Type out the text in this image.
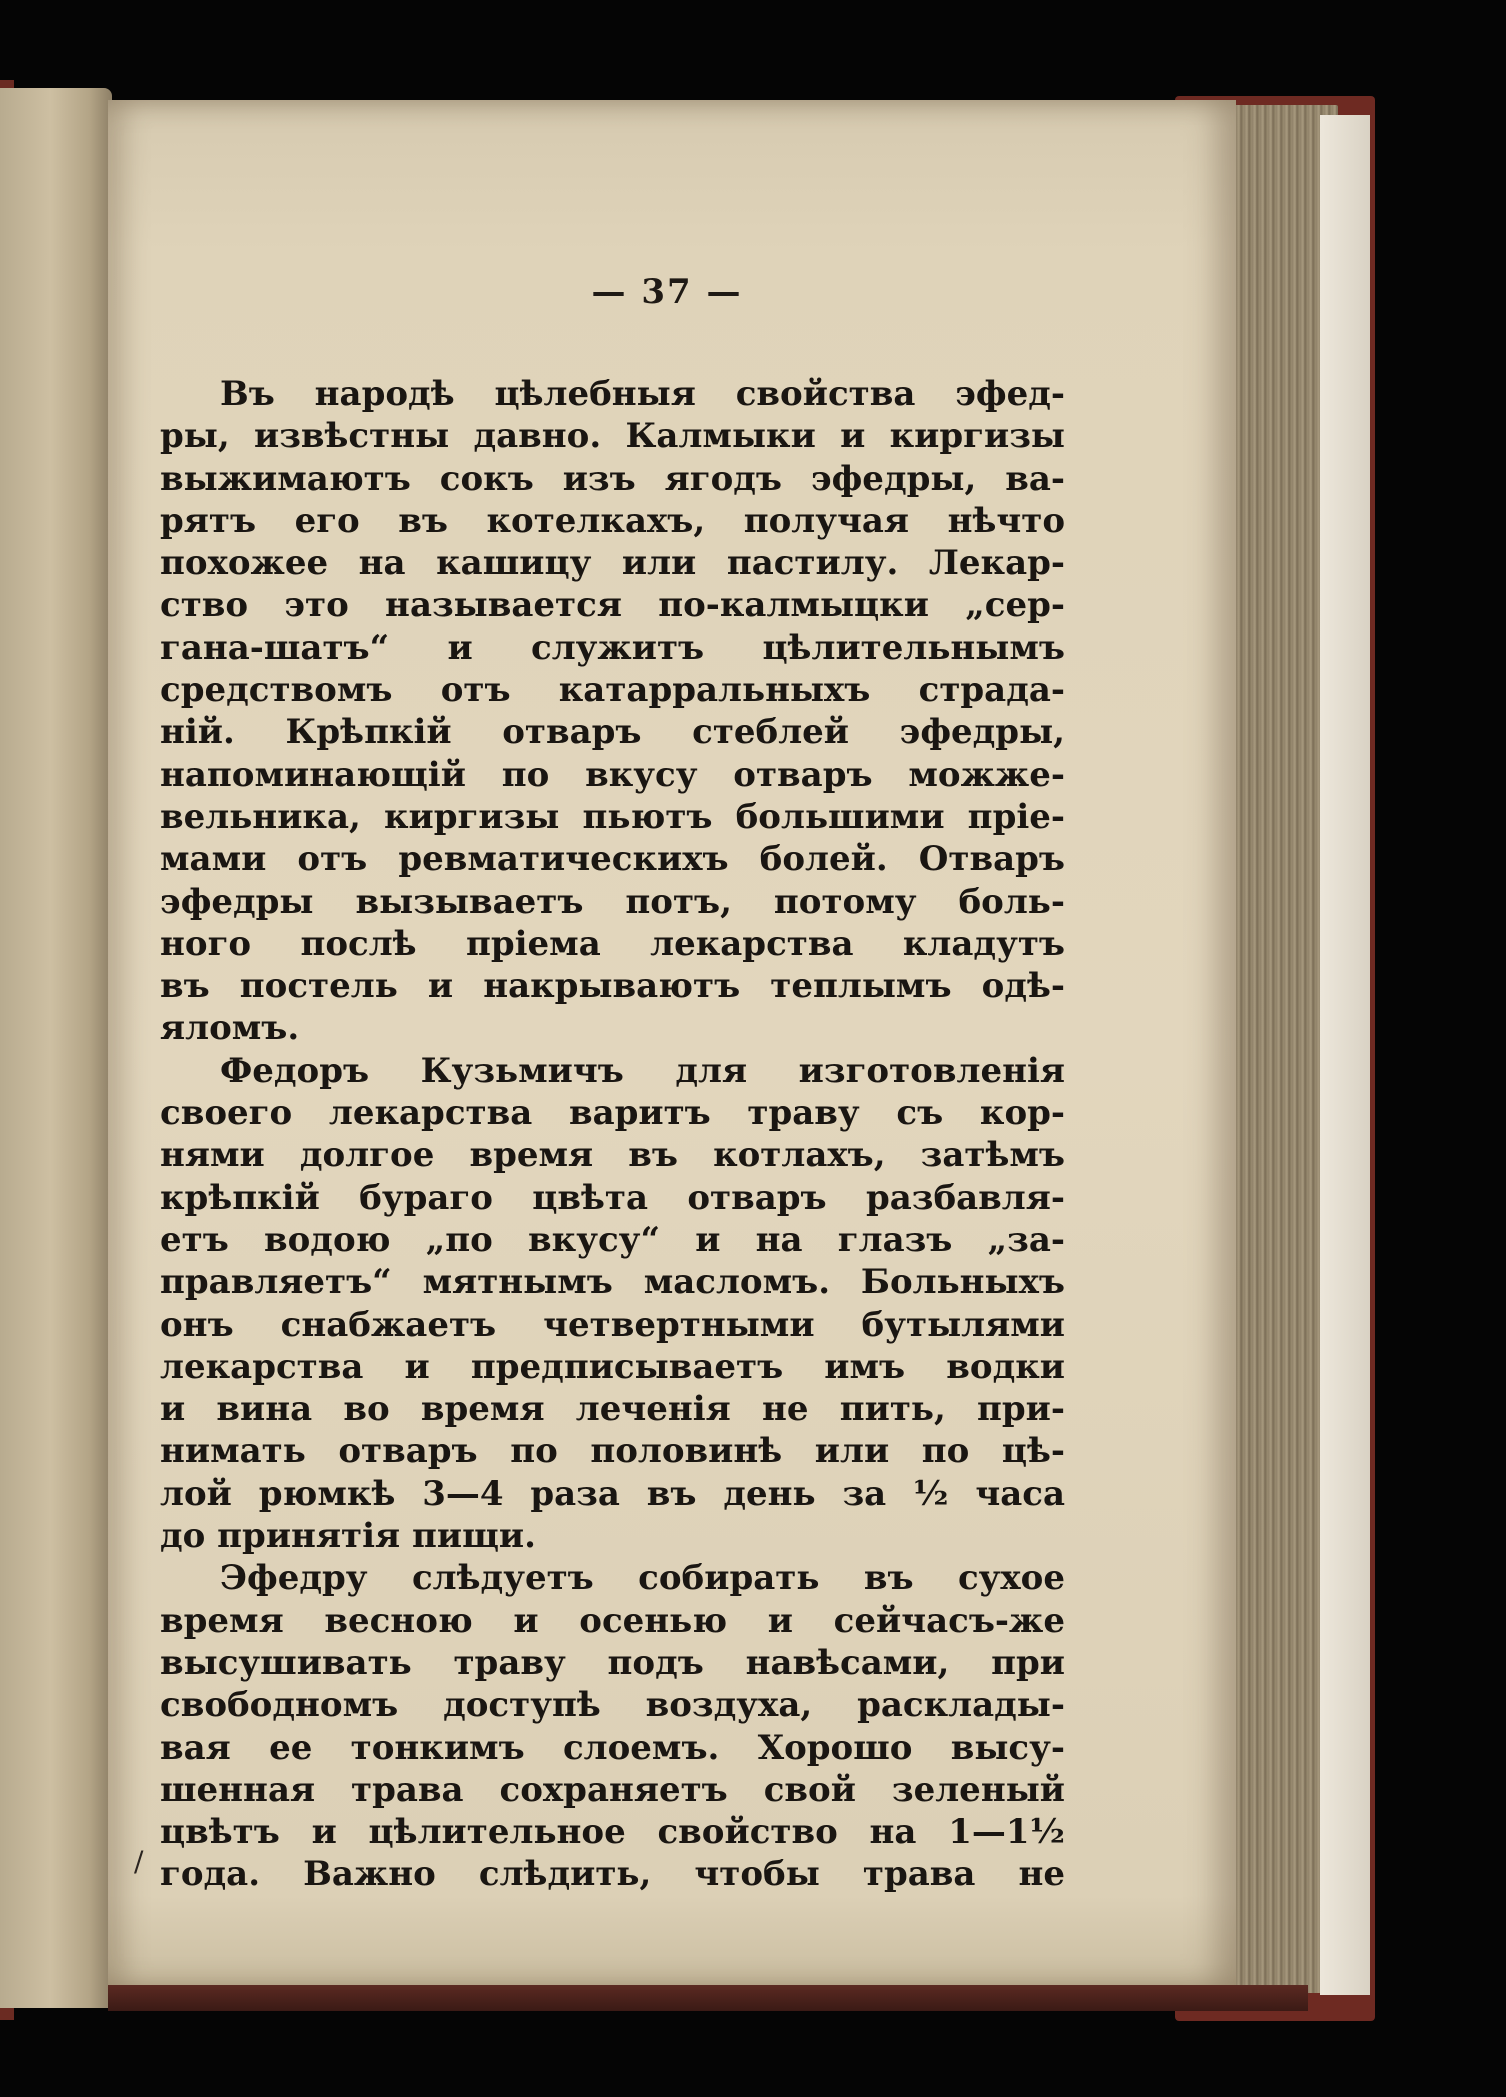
— 37 —
Въ народѣ цѣлебныя свойства эфед-
ры, извѣстны давно. Калмыки и киргизы
выжимаютъ сокъ изъ ягодъ эфедры, ва-
рятъ его въ котелкахъ, получая нѣчто
похожее на кашицу или пастилу. Лекар-
ство это называется по-калмыцки „сер-
гана-шатъ“ и служитъ цѣлительнымъ
средствомъ отъ катарральныхъ страда-
ній. Крѣпкій отваръ стеблей эфедры,
напоминающій по вкусу отваръ можже-
вельника, киргизы пьютъ большими прiе-
мами отъ ревматическихъ болей. Отваръ
эфедры вызываетъ потъ, потому боль-
ного послѣ прiема лекарства кладутъ
въ постель и накрываютъ теплымъ одѣ-
яломъ.
Федоръ Кузьмичъ для изготовленія
своего лекарства варитъ траву съ кор-
нями долгое время въ котлахъ, затѣмъ
крѣпкій бураго цвѣта отваръ разбавля-
етъ водою „по вкусу“ и на глазъ „за-
правляетъ“ мятнымъ масломъ. Больныхъ
онъ снабжаетъ четвертными бутылями
лекарства и предписываетъ имъ водки
и вина во время леченія не пить, при-
нимать отваръ по половинѣ или по цѣ-
лой рюмкѣ 3—4 раза въ день за ½ часа
до принятія пищи.
Эфедру слѣдуетъ собирать въ сухое
время весною и осенью и сейчасъ-же
высушивать траву подъ навѣсами, при
свободномъ доступѣ воздуха, расклады-
вая ее тонкимъ слоемъ. Хорошо высу-
шенная трава сохраняетъ свой зеленый
цвѣтъ и цѣлительное свойство на 1—1½
года. Важно слѣдить, чтобы трава не
/
